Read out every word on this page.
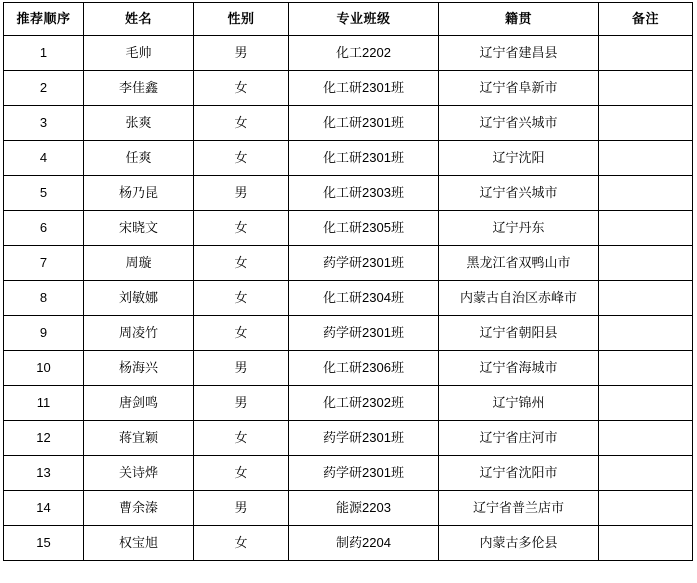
推荐顺序	姓名	性别	专业班级	籍贯	备注
1	毛帅	男	化工2202	辽宁省建昌县	
2	李佳鑫	女	化工研2301班	辽宁省阜新市	
3	张爽	女	化工研2301班	辽宁省兴城市	
4	任爽	女	化工研2301班	辽宁沈阳	
5	杨乃昆	男	化工研2303班	辽宁省兴城市	
6	宋晓文	女	化工研2305班	辽宁丹东	
7	周璇	女	药学研2301班	黑龙江省双鸭山市	
8	刘敏娜	女	化工研2304班	内蒙古自治区赤峰市	
9	周凌竹	女	药学研2301班	辽宁省朝阳县	
10	杨海兴	男	化工研2306班	辽宁省海城市	
11	唐剑鸣	男	化工研2302班	辽宁锦州	
12	蒋宜颖	女	药学研2301班	辽宁省庄河市	
13	关诗烨	女	药学研2301班	辽宁省沈阳市	
14	曹余溱	男	能源2203	辽宁省普兰店市	
15	权宝旭	女	制药2204	内蒙古多伦县	
